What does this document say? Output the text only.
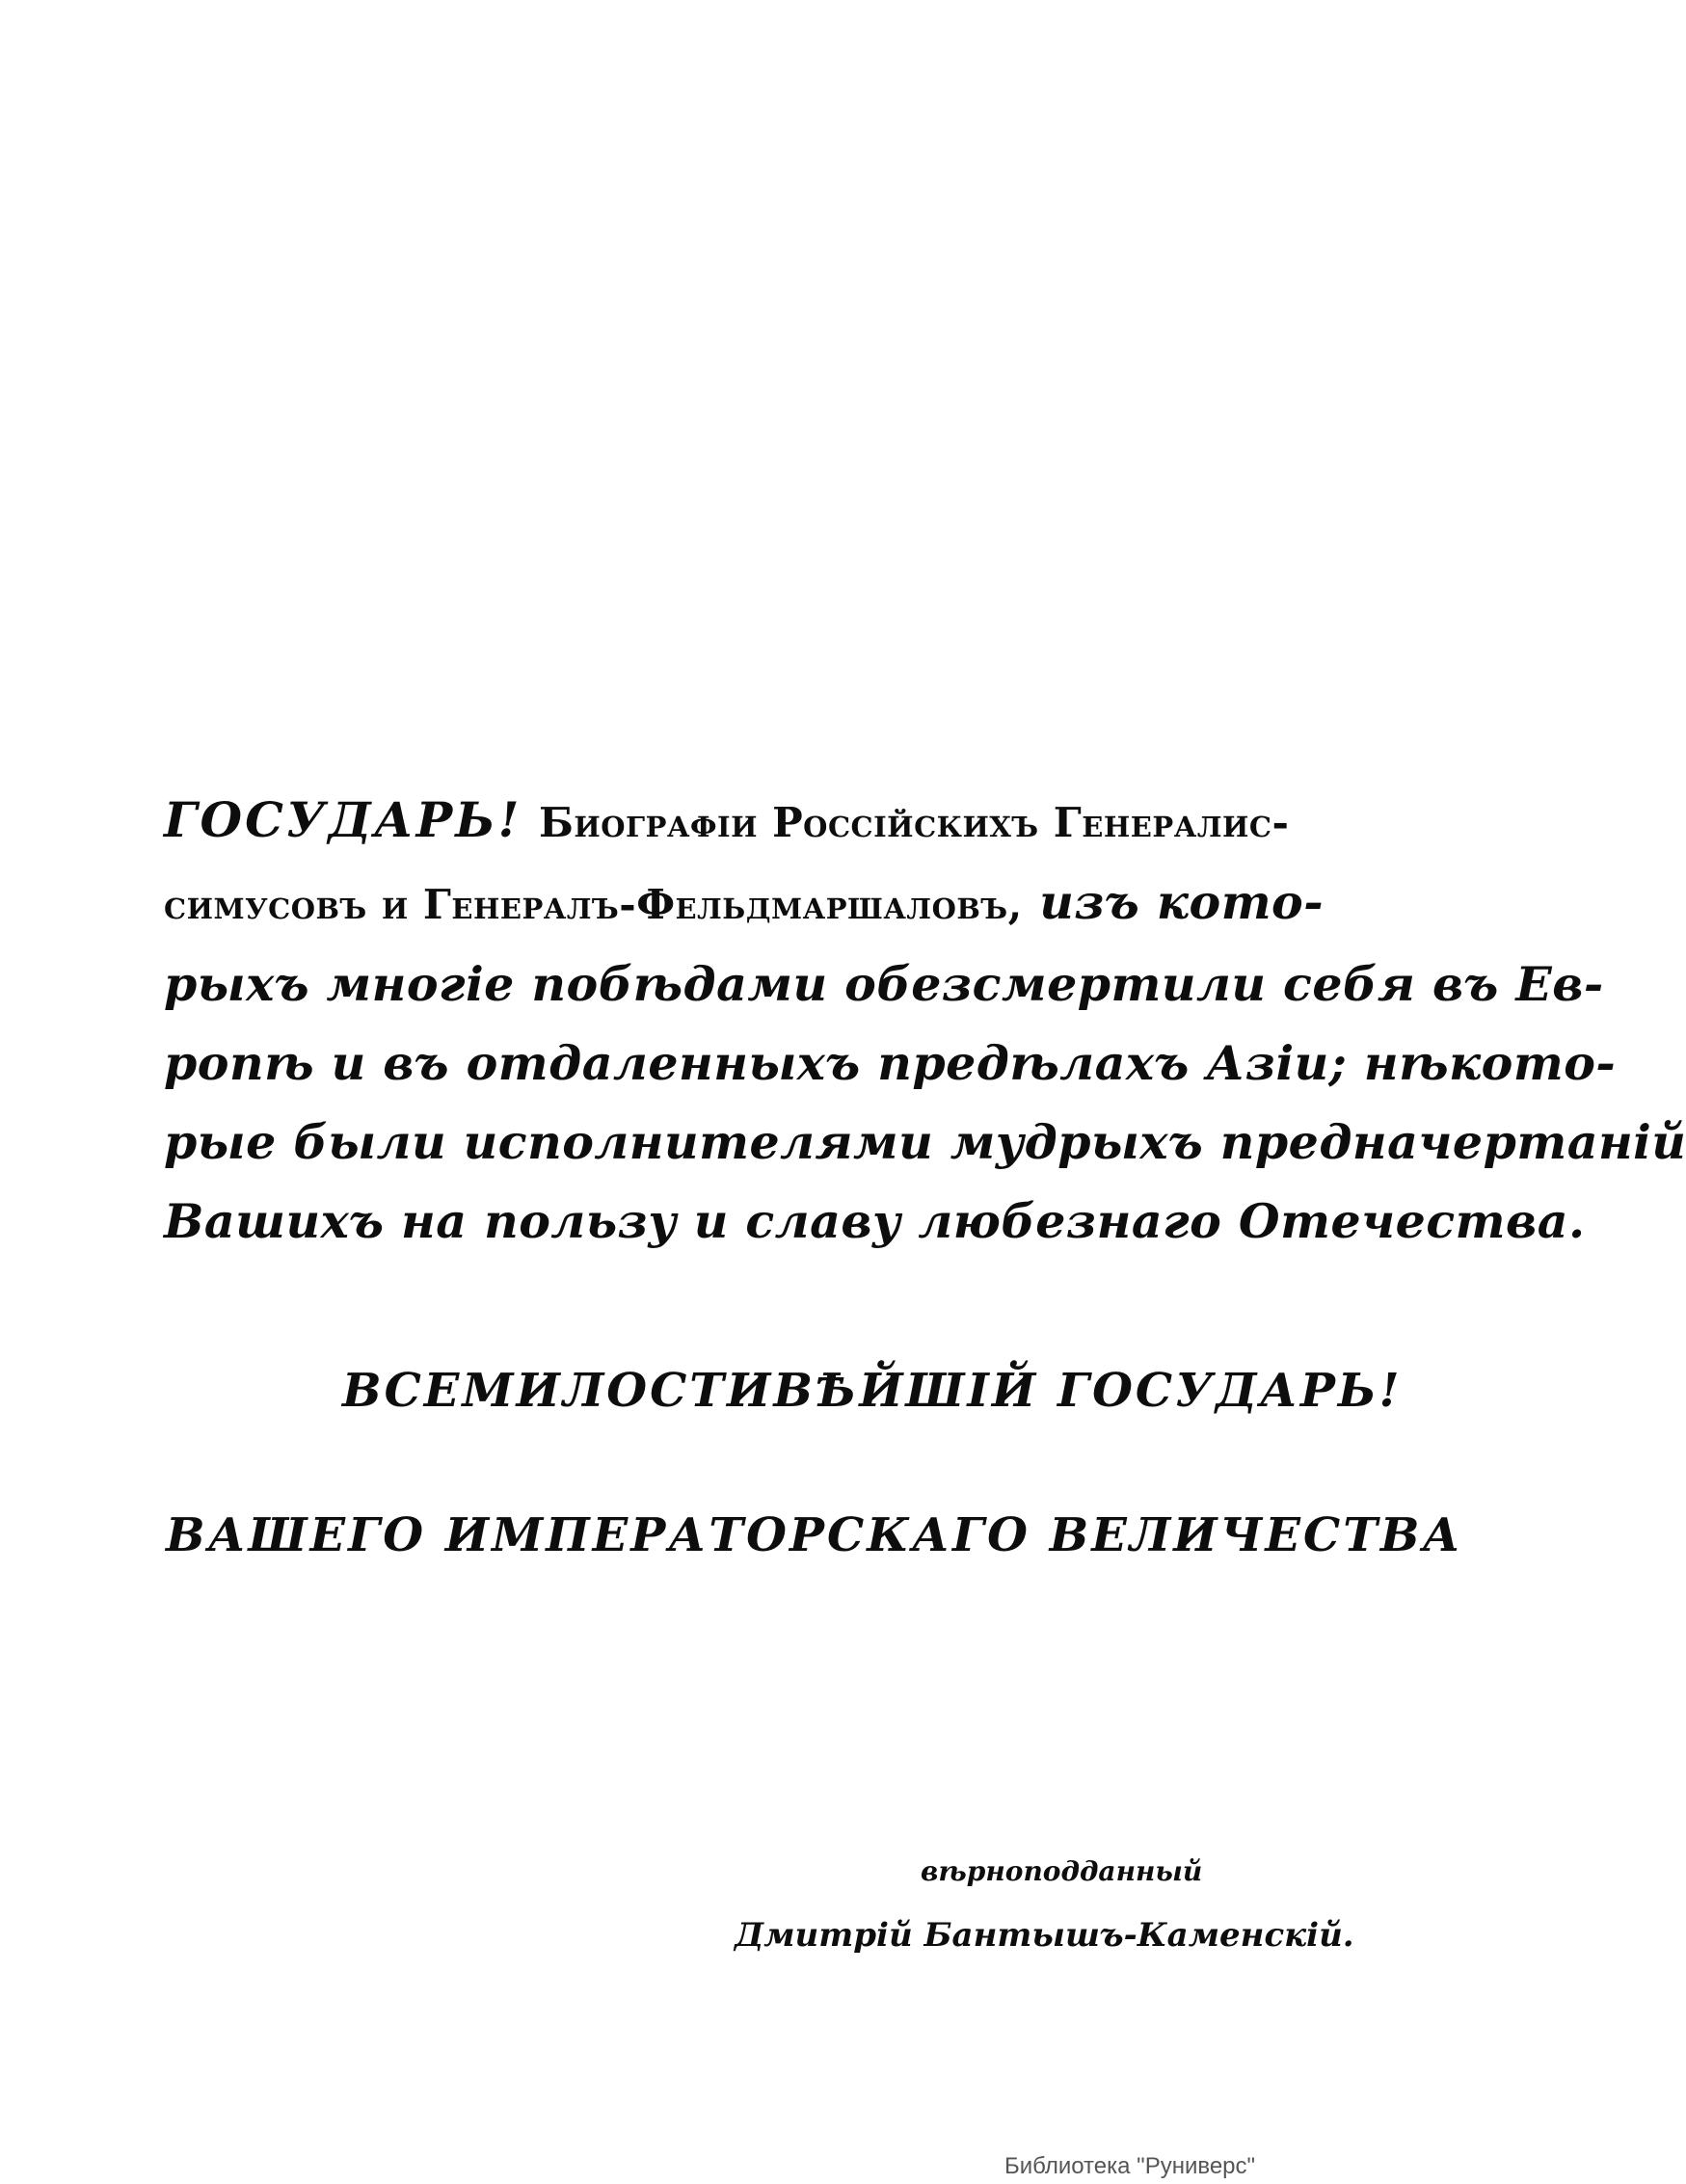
ГОСУДАРЬ! Биографіи Россійскихъ Генералис-
симусовъ и Генералъ-Фельдмаршаловъ, изъ кото-
рыхъ многіе побѣдами обезсмертили себя въ Ев-
ропѣ и въ отдаленныхъ предѣлахъ Азіи; нѣкото-
рые были исполнителями мудрыхъ предначертаній
Вашихъ на пользу и славу любезнаго Отечества.
ВСЕМИЛОСТИВѢЙШІЙ ГОСУДАРЬ!
ВАШЕГО ИМПЕРАТОРСКАГО ВЕЛИЧЕСТВА
вѣрноподданный
Дмитрій Бантышъ-Каменскій.
Библиотека "Руниверс"
